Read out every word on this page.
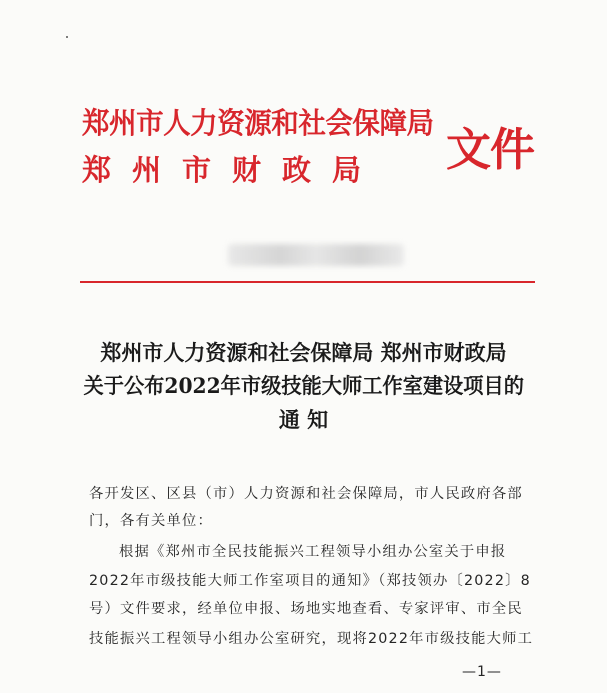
郑州市人力资源和社会保障局
郑州市财政局 文件
郑州市人力资源和社会保障局 郑州市财政局
关于公布2022年市级技能大师工作室建设项目的
通 知
各开发区、区县（市）人力资源和社会保障局，市人民政府各部
门，各有关单位：
根据《郑州市全民技能振兴工程领导小组办公室关于申报
2022年市级技能大师工作室项目的通知》（郑技领办〔2022〕8
号）文件要求，经单位申报、场地实地查看、专家评审、市全民
技能振兴工程领导小组办公室研究，现将2022年市级技能大师工
—1—
